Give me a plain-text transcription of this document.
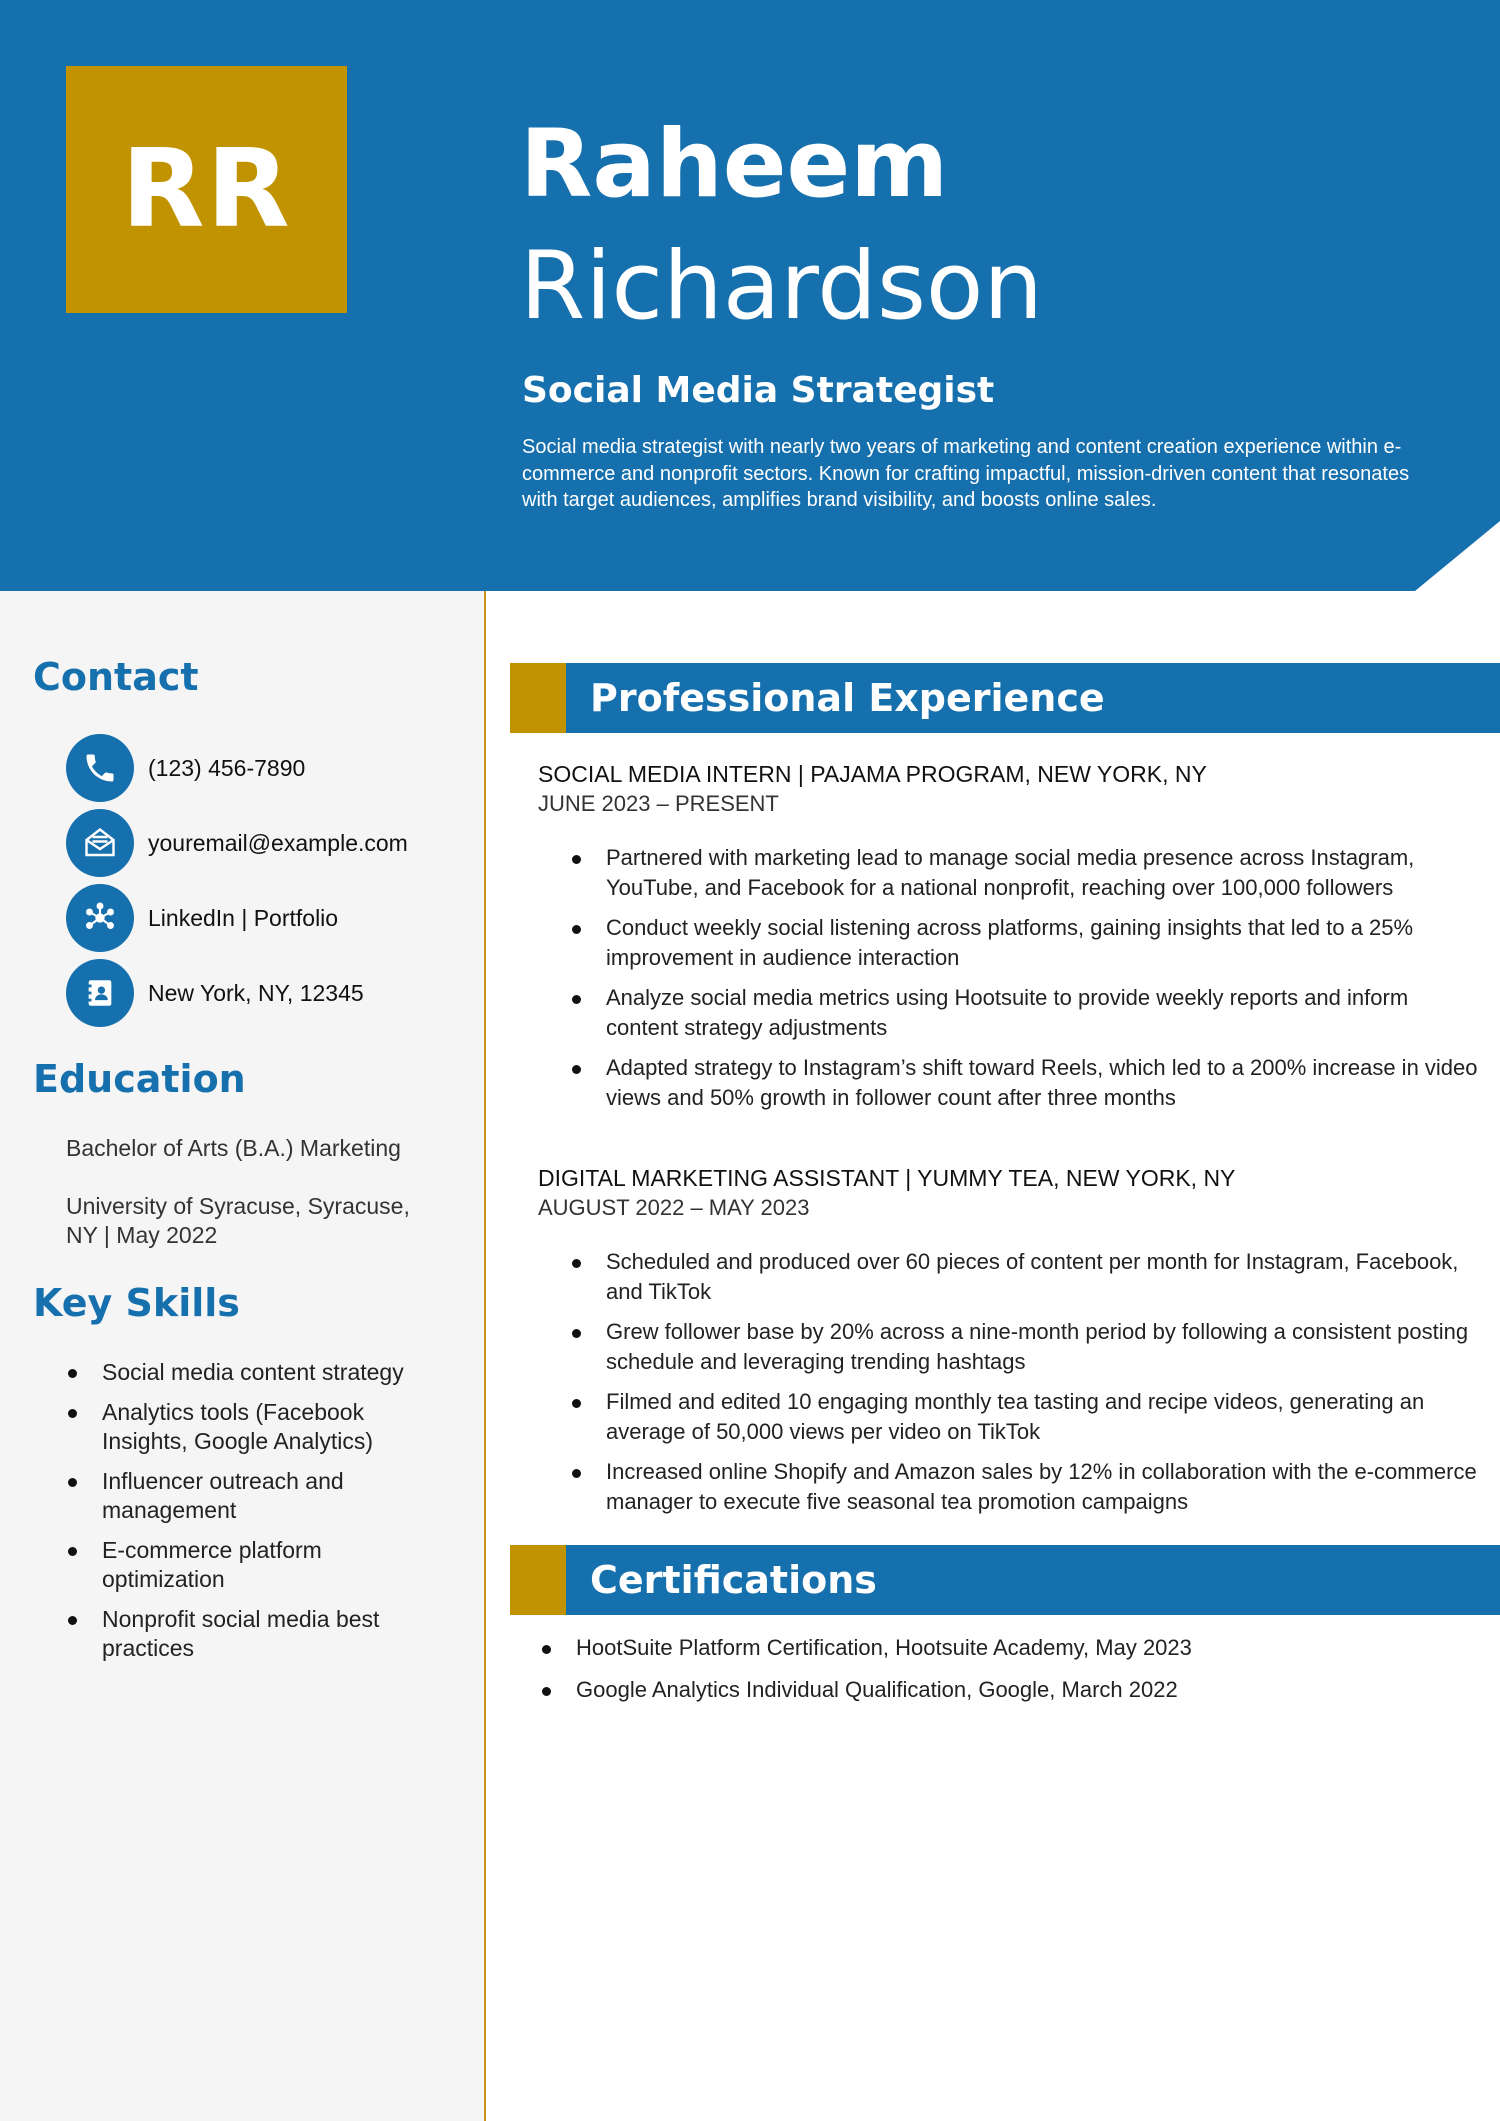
RR Raheem
Richardson
Social Media Strategist
Social media strategist with nearly two years of marketing and content creation experience within e-commerce and nonprofit sectors. Known for crafting impactful, mission-driven content that resonates with target audiences, amplifies brand visibility, and boosts online sales.
Contact
(123) 456-7890
youremail@example.com
LinkedIn | Portfolio
New York, NY, 12345
Education
Bachelor of Arts (B.A.) Marketing
University of Syracuse, Syracuse, NY | May 2022
Key Skills
Social media content strategy
Analytics tools (Facebook Insights, Google Analytics)
Influencer outreach and management
E-commerce platform optimization
Nonprofit social media best practices
Professional Experience
SOCIAL MEDIA INTERN | PAJAMA PROGRAM, NEW YORK, NY
JUNE 2023 – PRESENT
Partnered with marketing lead to manage social media presence across Instagram, YouTube, and Facebook for a national nonprofit, reaching over 100,000 followers
Conduct weekly social listening across platforms, gaining insights that led to a 25% improvement in audience interaction
Analyze social media metrics using Hootsuite to provide weekly reports and inform content strategy adjustments
Adapted strategy to Instagram’s shift toward Reels, which led to a 200% increase in video views and 50% growth in follower count after three months
DIGITAL MARKETING ASSISTANT | YUMMY TEA, NEW YORK, NY
AUGUST 2022 – MAY 2023
Scheduled and produced over 60 pieces of content per month for Instagram, Facebook, and TikTok
Grew follower base by 20% across a nine-month period by following a consistent posting schedule and leveraging trending hashtags
Filmed and edited 10 engaging monthly tea tasting and recipe videos, generating an average of 50,000 views per video on TikTok
Increased online Shopify and Amazon sales by 12% in collaboration with the e-commerce manager to execute five seasonal tea promotion campaigns
Certifications
HootSuite Platform Certification, Hootsuite Academy, May 2023
Google Analytics Individual Qualification, Google, March 2022
